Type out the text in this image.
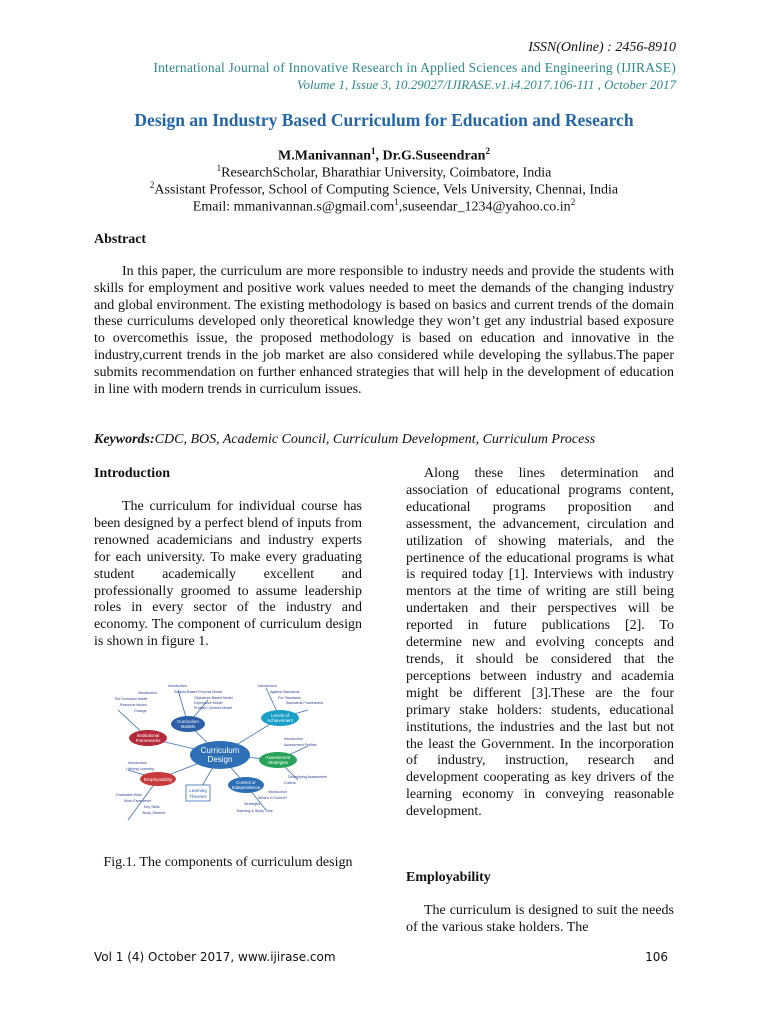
ISSN(Online) : 2456-8910
International Journal of Innovative Research in Applied Sciences and Engineering (IJIRASE)
Volume 1, Issue 3, 10.29027/IJIRASE.v1.i4.2017.106-111 , October 2017
Design an Industry Based Curriculum for Education and Research
M.Manivannan$^1$, Dr.G.Suseendran$^2$
$^1$ResearchScholar, Bharathiar University, Coimbatore, India
$^2$Assistant Professor, School of Computing Science, Vels University, Chennai, India
Email: $mmanivannan.s@gmail.com^1,suseendar\_1234@yahoo.co.in^2$
Abstract

In this paper, the curriculum are more responsible to industry needs and provide the students with skills for employment and positive work values needed to meet the demands of the changing industry and global environment. The existing methodology is based on basics and current trends of the domain these curriculums developed only theoretical knowledge they won’t get any industrial based exposure to overcomethis issue, the proposed methodology is based on education and innovative in the industry,current trends in the job market are also considered while developing the syllabus.The paper submits recommendation on further enhanced strategies that will help in the development of education in line with modern trends in curriculum issues.

Keywords:CDC, BOS, Academic Council, Curriculum Development, Curriculum Process
Introduction

The curriculum for individual course has been designed by a perfect blend of inputs from renowned academicians and industry experts for each university. To make every graduating student academically excellent and professionally groomed to assume leadership roles in every sector of the industry and economy. The component of curriculum design is shown in figure 1.

Curriculum
Design
Curriculum
Models
Levels of
Achievement
Institutional
Frameworks
Assessment
Strategies
Employability
Learning
Theories
Control or
Independence
Introduction
Subject-Based Process Model
Objectives Based Model
Expressive Model
Problem-Centred Model
Introduction
Against Standards
For Standards
Standards Frameworks
Introduction
The Dominant Model
Resource Issues
Change
Introduction
Assessment Profiles
Diversifying Assessment
Criteria
Introduction
Lifelong Learning
Graduates Work
Work Experience
Key Skills
Study Scheme
Introduction
What's in Control?
Strategies
Teaching & Study Time
Fig.1. The components of curriculum design

Along these lines determination and association of educational programs content, educational programs proposition and assessment, the advancement, circulation and utilization of showing materials, and the pertinence of the educational programs is what is required today [1]. Interviews with industry mentors at the time of writing are still being undertaken and their perspectives will be reported in future publications [2]. To determine new and evolving concepts and trends, it should be considered that the perceptions between industry and academia might be different [3].These are the four primary stake holders: students, educational institutions, the industries and the last but not the least the Government. In the incorporation of industry, instruction, research and development cooperating as key drivers of the learning economy in conveying reasonable development.

Employability

The curriculum is designed to suit the needs of the various stake holders. The

Vol 1 (4) October 2017, www.ijirase.com	106
